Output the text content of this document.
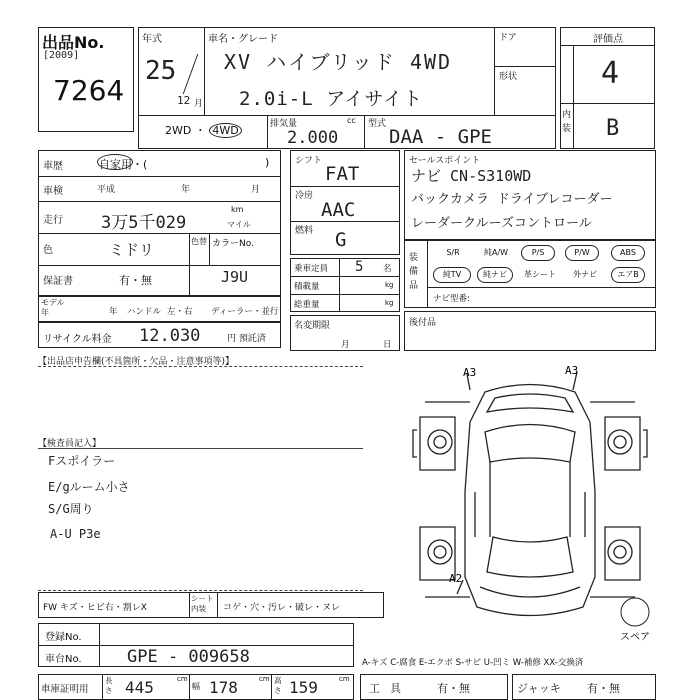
出品No.
[2009]
7264
年式
25
12 月
車名・グレード
XV ハイブリッド 4WD
2.0i-L アイサイト
ドア
形状
2WD ・ 4WD	排気量	cc
2.000
型式
DAA - GPE
評価点
4
内装 B
車歴	自家用・(	)
車検	平成	年	月
走行 3万5千029
km
マイル
色	ミドリ	色替 カラーNo.
J9U
保証書	有・無
モデル年	年 ハンドル 左・右 ディーラー・並行
リサイクル料金 12.030	円 預託済
シフト
FAT
冷房
AAC
燃料 G
乗車定員 5 名
積載量	kg
総重量	kg
名変期限
月	日
セールスポイント
ナビ CN-S310WD
バックカメラ ドライブレコーダー
レーダークルーズコントロール
装備品
S/R	純A/W	P/S	P/W	ABS
純TV	純ナビ	革シート	外ナビ	エアB
ナビ型番:
後付品
【出品店申告欄(不具箇所・欠品・注意事項等)】
【検査員記入】
Fスポイラー
E/gルーム小さ
S/G周り
A-U P3e
A3	A3
A2
スペア
FW キズ・ヒビ右・割レX
シート内装	コゲ・穴・汚レ・破レ・ヌレ
登録No.
車台No.	GPE - 009658	A-キズ C-腐食 E-エクボ S-サビ U-凹ミ W-補修 XX-交換済
車庫証明用
長さ 445	cm
幅 178	cm 高さ 159	cm
工具 有・無	ジャッキ 有・無
